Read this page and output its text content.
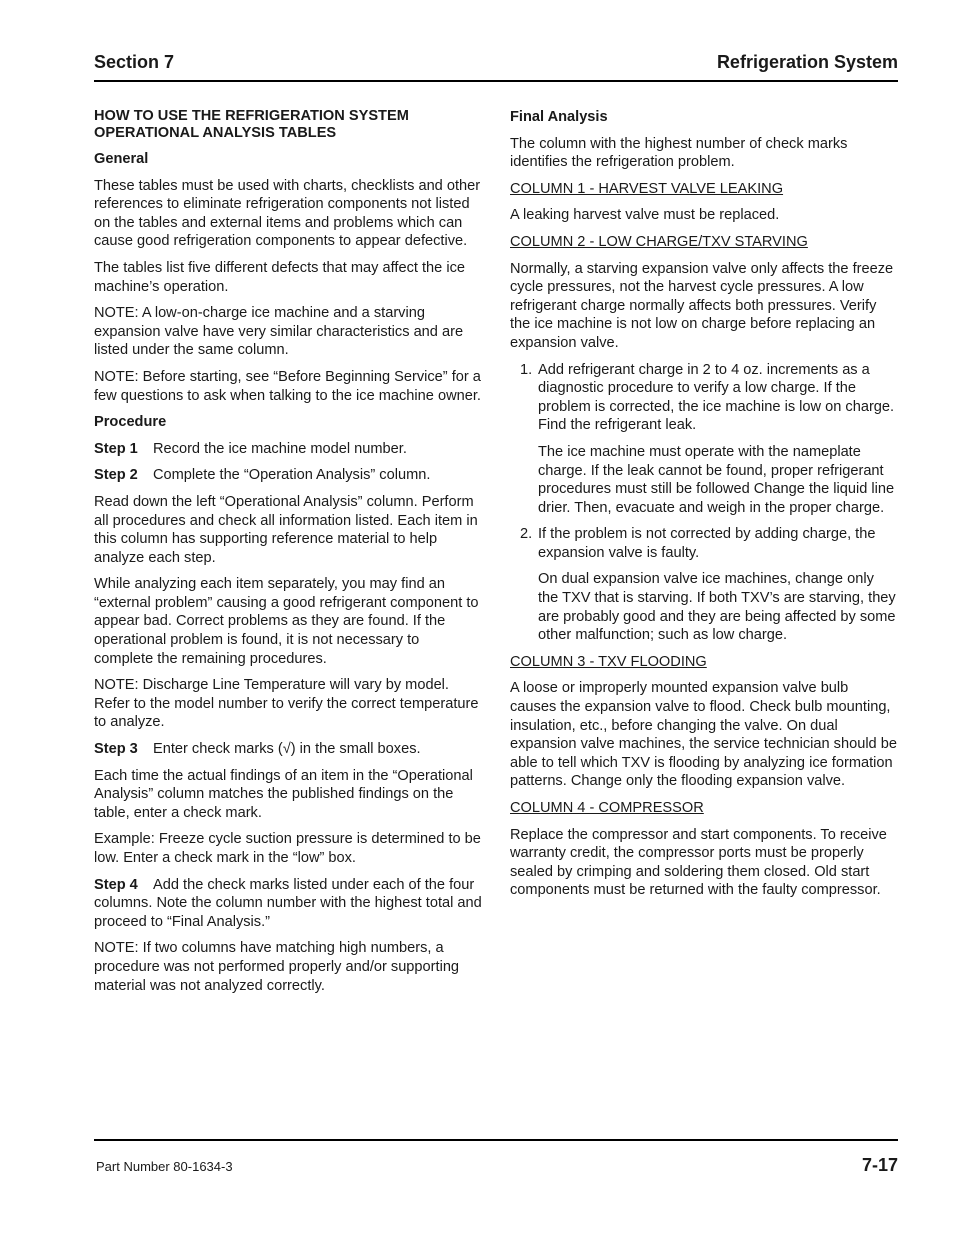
Section 7	Refrigeration System
HOW TO USE THE REFRIGERATION SYSTEM
OPERATIONAL ANALYSIS TABLES
General

These tables must be used with charts, checklists and other references to eliminate refrigeration components not listed on the tables and external items and problems which can cause good refrigeration components to appear defective.

The tables list five different defects that may affect the ice machine’s operation.

NOTE: A low-on-charge ice machine and a starving expansion valve have very similar characteristics and are listed under the same column.

NOTE: Before starting, see “Before Beginning Service” for a few questions to ask when talking to the ice machine owner.

Procedure

Step 1 Record the ice machine model number.

Step 2 Complete the “Operation Analysis” column.

Read down the left “Operational Analysis” column. Perform all procedures and check all information listed. Each item in this column has supporting reference material to help analyze each step.

While analyzing each item separately, you may find an “external problem” causing a good refrigerant component to appear bad. Correct problems as they are found. If the operational problem is found, it is not necessary to complete the remaining procedures.

NOTE: Discharge Line Temperature will vary by model. Refer to the model number to verify the correct temperature to analyze.

Step 3 Enter check marks (√) in the small boxes.

Each time the actual findings of an item in the “Operational Analysis” column matches the published findings on the table, enter a check mark.

Example: Freeze cycle suction pressure is determined to be low. Enter a check mark in the “low” box.

Step 4 Add the check marks listed under each of the four columns. Note the column number with the highest total and proceed to “Final Analysis.”

NOTE: If two columns have matching high numbers, a procedure was not performed properly and/or supporting material was not analyzed correctly.

Final Analysis

The column with the highest number of check marks identifies the refrigeration problem.

COLUMN 1 - HARVEST VALVE LEAKING

A leaking harvest valve must be replaced.

COLUMN 2 - LOW CHARGE/TXV STARVING

Normally, a starving expansion valve only affects the freeze cycle pressures, not the harvest cycle pressures. A low refrigerant charge normally affects both pressures. Verify the ice machine is not low on charge before replacing an expansion valve.

1. Add refrigerant charge in 2 to 4 oz. increments as a diagnostic procedure to verify a low charge. If the problem is corrected, the ice machine is low on charge. Find the refrigerant leak.
The ice machine must operate with the nameplate charge. If the leak cannot be found, proper refrigerant procedures must still be followed Change the liquid line drier. Then, evacuate and weigh in the proper charge.
2. If the problem is not corrected by adding charge, the expansion valve is faulty.
On dual expansion valve ice machines, change only the TXV that is starving. If both TXV’s are starving, they are probably good and they are being affected by some other malfunction; such as low charge.

COLUMN 3 - TXV FLOODING

A loose or improperly mounted expansion valve bulb causes the expansion valve to flood. Check bulb mounting, insulation, etc., before changing the valve. On dual expansion valve machines, the service technician should be able to tell which TXV is flooding by analyzing ice formation patterns. Change only the flooding expansion valve.

COLUMN 4 - COMPRESSOR

Replace the compressor and start components. To receive warranty credit, the compressor ports must be properly sealed by crimping and soldering them closed. Old start components must be returned with the faulty compressor.

Part Number 80-1634-3	7-17
